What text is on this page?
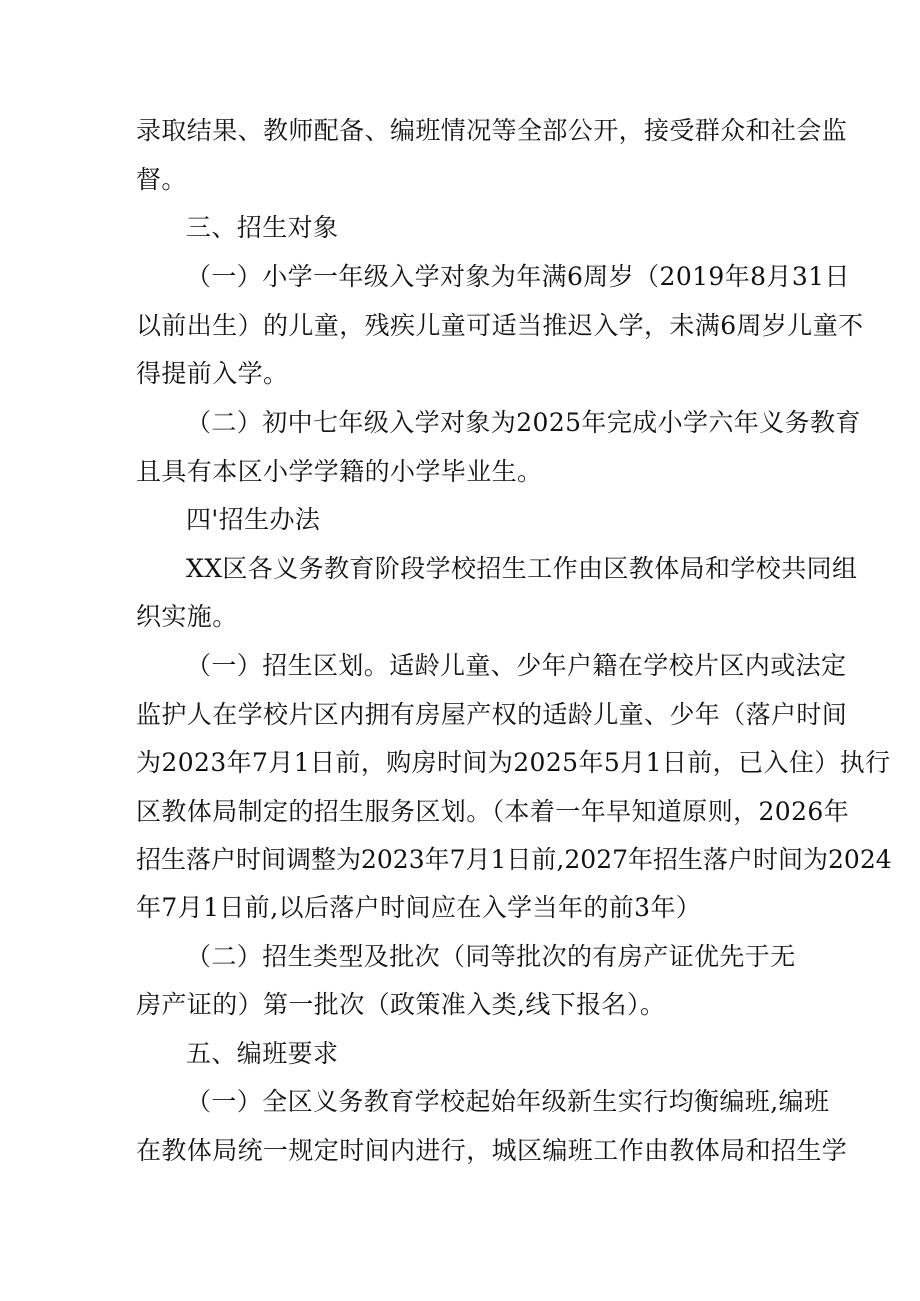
录取结果、教师配备、编班情况等全部公开，接受群众和社会监

督。

三、招生对象

（一）小学一年级入学对象为年满6周岁（2019年8月31日

以前出生）的儿童，残疾儿童可适当推迟入学，未满6周岁儿童不

得提前入学。

（二）初中七年级入学对象为2025年完成小学六年义务教育

且具有本区小学学籍的小学毕业生。

四'招生办法

XX区各义务教育阶段学校招生工作由区教体局和学校共同组

织实施。

（一）招生区划。适龄儿童、少年户籍在学校片区内或法定

监护人在学校片区内拥有房屋产权的适龄儿童、少年（落户时间

为2023年7月1日前，购房时间为2025年5月1日前，已入住）执行

区教体局制定的招生服务区划。（本着一年早知道原则，2026年

招生落户时间调整为2023年7月1日前,2027年招生落户时间为2024

年7月1日前,以后落户时间应在入学当年的前3年）

（二）招生类型及批次（同等批次的有房产证优先于无

房产证的）第一批次（政策准入类,线下报名）。

五、编班要求

（一）全区义务教育学校起始年级新生实行均衡编班,编班

在教体局统一规定时间内进行，城区编班工作由教体局和招生学
